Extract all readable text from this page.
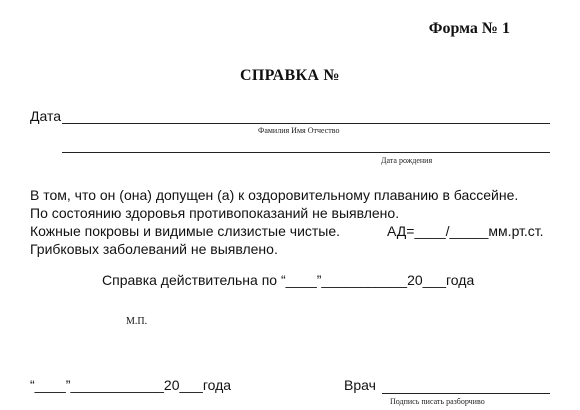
Форма № 1
СПРАВКА №
Дата
Фамилия Имя Отчество
Дата рождения

В том, что он (она) допущен (а) к оздоровительному плаванию в бассейне.

По состоянию здоровья противопоказаний не выявлено.

Кожные покровы и видимые слизистые чистые.

Грибковых заболеваний не выявлено.

АД=____/_____мм.рт.ст.
Справка действительна по “____”___________20___года
М.П.
“____”____________20___года	Врач
Подпись писать разборчиво
